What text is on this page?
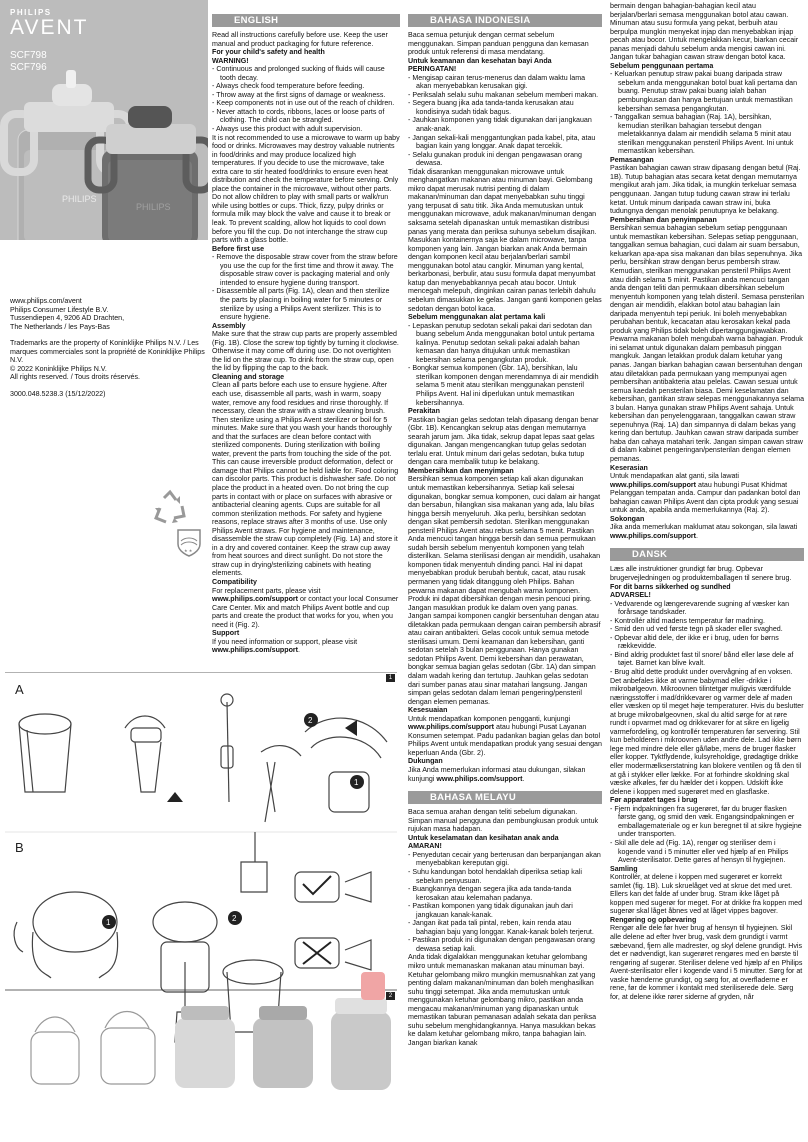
PHILIPS
PHILIPS
PHILIPS
AVENT
SCF798
SCF796
www.philips.com/avent
Philips Consumer Lifestyle B.V.
Tussendiepen 4, 9206 AD Drachten,
The Netherlands / les Pays-Bas
Trademarks are the property of Koninklijke Philips N.V. / Les marques commerciales sont la propriété de Koninklijke Philips N.V.
© 2022 Koninklijke Philips N.V.
All rights reserved. / Tous droits réservés.
3000.048.5238.3 (15/12/2022)
★ ★
2
1
1	2
A
B
1
2
ENGLISH

Read all instructions carefully before use. Keep the user manual and product packaging for future reference.

For your child's safety and health

WARNING!

- Continuous and prolonged sucking of fluids will cause tooth decay.
- Always check food temperature before feeding.
- Throw away at the first signs of damage or weakness.
- Keep components not in use out of the reach of children.
- Never attach to cords, ribbons, laces or loose parts of clothing. The child can be strangled.
- Always use this product with adult supervision.

It is not recommended to use a microwave to warm up baby food or drinks. Microwaves may destroy valuable nutrients in food/drinks and may produce localized high temperatures. If you decide to use the microwave, take extra care to stir heated food/drinks to ensure even heat distribution and check the temperature before serving. Only place the container in the microwave, without other parts. Do not allow children to play with small parts or walk/run while using bottles or cups. Thick, fizzy, pulpy drinks or formula milk may block the valve and cause it to break or leak. To prevent scalding, allow hot liquids to cool down before you fill the cup. Do not interchange the straw cup parts with a glass bottle.

Before first use

- Remove the disposable straw cover from the straw before you use the cup for the first time and throw it away. The disposable straw cover is packaging material and only intended to ensure hygiene during transport.
- Disassemble all parts (Fig. 1A), clean and then sterilize the parts by placing in boiling water for 5 minutes or sterilize by using a Philips Avent sterilizer. This is to ensure hygiene.

Assembly

Make sure that the straw cup parts are properly assembled (Fig. 1B). Close the screw top tightly by turning it clockwise. Otherwise it may come off during use. Do not overtighten the lid on the straw cup. To drink from the straw cup, open the lid by flipping the cap to the back.

Cleaning and storage

Clean all parts before each use to ensure hygiene. After each use, disassemble all parts, wash in warm, soapy water, remove any food residues and rinse thoroughly. If necessary, clean the straw with a straw cleaning brush. Then sterilize using a Philips Avent sterilizer or boil for 5 minutes. Make sure that you wash your hands thoroughly and that the surfaces are clean before contact with sterilized components. During sterilization with boiling water, prevent the parts from touching the side of the pot. This can cause irreversible product deformation, defect or damage that Philips cannot be held liable for. Food coloring can discolor parts. This product is dishwasher safe. Do not place the product in a heated oven. Do not bring the cup parts in contact with or place on surfaces with abrasive or antibacterial cleaning agents. Cups are suitable for all common sterilization methods. For safety and hygiene reasons, replace straws after 3 months of use. Use only Philips Avent straws. For hygiene and maintenance, disassemble the straw cup completely (Fig. 1A) and store it in a dry and covered container. Keep the straw cup away from heat sources and direct sunlight. Do not store the straw cup in drying/sterilizing cabinets with heating elements.

Compatibility

For replacement parts, please visit www.philips.com/support or contact your local Consumer Care Center. Mix and match Philips Avent bottle and cup parts and create the product that works for you, when you need it (Fig. 2).

Support

If you need information or support, please visit www.philips.com/support.

BAHASA INDONESIA

Baca semua petunjuk dengan cermat sebelum menggunakan. Simpan panduan pengguna dan kemasan produk untuk referensi di masa mendatang.

Untuk keamanan dan kesehatan bayi Anda

PERINGATAN!

- Mengisap cairan terus-menerus dan dalam waktu lama akan menyebabkan kerusakan gigi.
- Periksalah selalu suhu makanan sebelum memberi makan.
- Segera buang jika ada tanda-tanda kerusakan atau kondisinya sudah tidak bagus.
- Jauhkan komponen yang tidak digunakan dari jangkauan anak-anak.
- Jangan sekali-kali menggantungkan pada kabel, pita, atau bagian kain yang longgar. Anak dapat tercekik.
- Selalu gunakan produk ini dengan pengawasan orang dewasa.

Tidak disarankan menggunakan microwave untuk menghangatkan makanan atau minuman bayi. Gelombang mikro dapat merusak nutrisi penting di dalam makanan/minuman dan dapat menyebabkan suhu tinggi yang terpusat di satu titik. Jika Anda memutuskan untuk menggunakan microwave, aduk makanan/minuman dengan saksama setelah dipanaskan untuk memastikan distribusi panas yang merata dan periksa suhunya sebelum disajikan. Masukkan kontainernya saja ke dalam microwave, tanpa komponen yang lain. Jangan biarkan anak Anda bermain dengan komponen kecil atau berjalan/berlari sambil menggunakan botol atau cangkir. Minuman yang kental, berkarbonasi, berbulir, atau susu formula dapat menyumbat katup dan menyebabkannya pecah atau bocor. Untuk mencegah melepuh, dinginkan cairan panas terlebih dahulu sebelum dimasukkan ke gelas. Jangan ganti komponen gelas sedotan dengan botol kaca.

Sebelum menggunakan alat pertama kali

- Lepaskan penutup sedotan sekali pakai dari sedotan dan buang sebelum Anda menggunakan botol untuk pertama kalinya. Penutup sedotan sekali pakai adalah bahan kemasan dan hanya ditujukan untuk memastikan kebersihan selama pengangkutan produk.
- Bongkar semua komponen (Gbr. 1A), bersihkan, lalu sterilkan komponen dengan merendamnya di air mendidih selama 5 menit atau sterilkan menggunakan pensteril Philips Avent. Hal ini diperlukan untuk memastikan kebersihannya.

Perakitan

Pastikan bagian gelas sedotan telah dipasang dengan benar (Gbr. 1B). Kencangkan sekrup atas dengan memutarnya searah jarum jam. Jika tidak, sekrup dapat lepas saat gelas digunakan. Jangan mengencangkan tutup gelas sedotan terlalu erat. Untuk minum dari gelas sedotan, buka tutup dengan cara membalik tutup ke belakang.

Membersihkan dan menyimpan

Bersihkan semua komponen setiap kali akan digunakan untuk memastikan kebersihannya. Setiap kali selesai digunakan, bongkar semua komponen, cuci dalam air hangat dan bersabun, hilangkan sisa makanan yang ada, lalu bilas hingga bersih menyeluruh. Jika perlu, bersihkan sedotan dengan sikat pembersih sedotan. Sterilkan menggunakan pensteril Philips Avent atau rebus selama 5 menit. Pastikan Anda mencuci tangan hingga bersih dan semua permukaan sudah bersih sebelum menyentuh komponen yang telah disterilkan. Selama sterilisasi dengan air mendidih, usahakan komponen tidak menyentuh dinding panci. Hal ini dapat menyebabkan produk berubah bentuk, cacat, atau rusak permanen yang tidak ditanggung oleh Philips. Bahan pewarna makanan dapat mengubah warna komponen. Produk ini dapat dibersihkan dengan mesin pencuci piring. Jangan masukkan produk ke dalam oven yang panas. Jangan sampai komponen cangkir bersentuhan dengan atau diletakkan pada permukaan dengan cairan pembersih abrasif atau cairan antibakteri. Gelas cocok untuk semua metode sterilisasi umum. Demi keamanan dan kebersihan, ganti sedotan setelah 3 bulan penggunaan. Hanya gunakan sedotan Philips Avent. Demi kebersihan dan perawatan, bongkar semua bagian gelas sedotan (Gbr. 1A) dan simpan dalam wadah kering dan tertutup. Jauhkan gelas sedotan dari sumber panas atau sinar matahari langsung. Jangan simpan gelas sedotan dalam lemari pengering/pensteril dengan elemen pemanas.

Kesesuaian

Untuk mendapatkan komponen pengganti, kunjungi www.philips.com/support atau hubungi Pusat Layanan Konsumen setempat. Padu padankan bagian gelas dan botol Philips Avent untuk mendapatkan produk yang sesuai dengan keperluan Anda (Gbr. 2).

Dukungan

Jika Anda memerlukan informasi atau dukungan, silakan kunjungi www.philips.com/support.

BAHASA MELAYU

Baca semua arahan dengan teliti sebelum digunakan. Simpan manual pengguna dan pembungkusan produk untuk rujukan masa hadapan.

Untuk keselamatan dan kesihatan anak anda

AMARAN!

- Penyedutan cecair yang berterusan dan berpanjangan akan menyebabkan kereputan gigi.
- Suhu kandungan botol hendaklah diperiksa setiap kali sebelum penyusuan.
- Buangkannya dengan segera jika ada tanda-tanda kerosakan atau kelemahan padanya.
- Pastikan komponen yang tidak digunakan jauh dari jangkauan kanak-kanak.
- Jangan ikat pada tali pintal, reben, kain renda atau bahagian baju yang longgar. Kanak-kanak boleh terjerut.
- Pastikan produk ini digunakan dengan pengawasan orang dewasa setiap kali.

Anda tidak digalakkan menggunakan ketuhar gelombang mikro untuk memanaskan makanan atau minuman bayi. Ketuhar gelombang mikro mungkin memusnahkan zat yang penting dalam makanan/minuman dan boleh menghasilkan suhu tinggi setempat. Jika anda memutuskan untuk menggunakan ketuhar gelombang mikro, pastikan anda mengacau makanan/minuman yang dipanaskan untuk memastikan taburan pemanasan adalah sekata dan periksa suhu sebelum menghidangkannya. Hanya masukkan bekas ke dalam ketuhar gelombang mikro, tanpa bahagian lain. Jangan biarkan kanak

bermain dengan bahagian-bahagian kecil atau berjalan/berlari semasa menggunakan botol atau cawan. Minuman atau susu formula yang pekat, berbuih atau berpulpa mungkin menyekat injap dan menyebabkan injap pecah atau bocor. Untuk mengelakkan kecur, biarkan cecair panas menjadi dahulu sebelum anda mengisi cawan ini. Jangan tukar bahagian cawan straw dengan botol kaca.

Sebelum penggunaan pertama

- Keluarkan penutup straw pakai buang daripada straw sebelum anda menggunakan botol buat kali pertama dan buang. Penutup straw pakai buang ialah bahan pembungkusan dan hanya bertujuan untuk memastikan kebersihan semasa pengangkutan.
- Tanggalkan semua bahagian (Raj. 1A), bersihkan, kemudian sterilkan bahagian tersebut dengan meletakkannya dalam air mendidih selama 5 minit atau sterilkan menggunakan pensteril Philips Avent. Ini untuk memastikan kebersihan.

Pemasangan

Pastikan bahagian cawan straw dipasang dengan betul (Raj. 1B). Tutup bahagian atas secara ketat dengan memutarnya mengikut arah jam. Jika tidak, ia mungkin terkeluar semasa penggunaan. Jangan tutup tudung cawan straw ini terlalu ketat. Untuk minum daripada cawan straw ini, buka tudungnya dengan menolak penutupnya ke belakang.

Pembersihan dan penyimpanan

Bersihkan semua bahagian sebelum setiap penggunaan untuk memastikan kebersihan. Selepas setiap penggunaan, tanggalkan semua bahagian, cuci dalam air suam bersabun, keluarkan apa-apa sisa makanan dan bilas sepenuhnya. Jika perlu, bersihkan straw dengan berus pembersih straw. Kemudian, sterilkan menggunakan pensteril Philips Avent atau didih selama 5 minit. Pastikan anda mencuci tangan anda dengan teliti dan permukaan dibersihkan sebelum menyentuh komponen yang telah disteril. Semasa pensterilan dengan air mendidih, elakkan botol atau bahagian lain daripada menyentuh tepi periuk. Ini boleh menyebabkan perubahan bentuk, kecacatan atau kerosakan kekal pada produk yang Philips tidak boleh dipertanggungjawabkan. Pewarna makanan boleh mengubah warna bahagian. Produk ini selamat untuk digunakan dalam pembasuh pinggan mangkuk. Jangan letakkan produk dalam ketuhar yang panas. Jangan biarkan bahagian cawan bersentuhan dengan atau diletakkan pada permukaan yang mempunyai agen pembersihan antibakteria atau pelelas. Cawan sesuai untuk semua kaedah pensterilan biasa. Demi keselamatan dan kebersihan, gantikan straw selepas menggunakannya selama 3 bulan. Hanya gunakan straw Philips Avent sahaja. Untuk kebersihan dan penyelenggaraan, tanggalkan cawan straw sepenuhnya (Raj. 1A) dan simpannya di dalam bekas yang kering dan bertutup. Jauhkan cawan straw daripada sumber haba dan cahaya matahari terik. Jangan simpan cawan straw di dalam kabinet pengeringan/pensterilan dengan elemen pemanas.

Keserasian

Untuk mendapatkan alat ganti, sila lawati www.philips.com/support atau hubungi Pusat Khidmat Pelanggan tempatan anda. Campur dan padankan botol dan bahagian cawan Philips Avent dan cipta produk yang sesuai untuk anda, apabila anda memerlukannya (Raj. 2).

Sokongan

Jika anda memerlukan maklumat atau sokongan, sila lawati www.philips.com/support.

DANSK

Læs alle instruktioner grundigt før brug. Opbevar brugervejledningen og produktemballagen til senere brug.

For dit barns sikkerhed og sundhed

ADVARSEL!

- Vedvarende og længerevarende sugning af væsker kan forårsage tandskader.
- Kontrollér altid madens temperatur før madning.
- Smid den ud ved første tegn på skader eller svaghed.
- Opbevar altid dele, der ikke er i brug, uden for børns rækkevidde.
- Bind aldrig produktet fast til snore/ bånd eller løse dele af tøjet. Barnet kan blive kvalt.
- Brug altid dette produkt under overvågning af en voksen.

Det anbefales ikke at varme babymad eller -drikke i mikrobølgeovn. Mikroovnen tilintetgør muligvis værdifulde næringsstoffer i mad/drikkevarer og varmer dele af maden eller væsken op til meget høje temperaturer. Hvis du beslutter at bruge mikrobølgeovnen, skal du altid sørge for at røre rundt i opvarmet mad og drikkevarer for at sikre en ligelig varmefordeling, og kontrollér temperaturen før servering. Stil kun beholderen i mikroovnen uden andre dele. Lad ikke børn lege med mindre dele eller gå/løbe, mens de bruger flasker eller kopper. Tyktflydende, kulsyreholdige, grødagtige drikke eller modermælkserstatning kan blokere ventilen og få den til at gå i stykker eller lække. For at forhindre skoldning skal væske afkøles, før du hælder det i koppen. Udskift ikke delene i koppen med sugerøret med en glasflaske.

Før apparatet tages i brug

- Fjern indpakningen fra sugerøret, før du bruger flasken første gang, og smid den væk. Engangsindpakningen er emballagematerialе og er kun beregnet til at sikre hygiejne under transporten.
- Skil alle dele ad (Fig. 1A), rengør og steriliser dem i kogende vand i 5 minutter eller ved hjælp af en Philips Avent-sterilisator. Dette gøres af hensyn til hygiejnen.

Samling

Kontrollér, at delene i koppen med sugerøret er korrekt samlet (fig. 1B). Luk skruelåget ved at skrue det med uret. Ellers kan det falde af under brug. Stram ikke låget på koppen med sugerør for meget. For at drikke fra koppen med sugerør skal låget åbnes ved at låget vippes bagover.

Rengøring og opbevaring

Rengør alle dele før hver brug af hensyn til hygiejnen. Skil alle delene ad efter hver brug, vask dem grundigt i varmt sæbevand, fjern alle madrester, og skyl delene grundigt. Hvis det er nødvendigt, kan sugerøret rengøres med en børste til rengøring af sugerør. Steriliser delene ved hjælp af en Philips Avent-sterilisator eller i kogende vand i 5 minutter. Sørg for at vaske hænderne grundigt, og sørg for, at overfladerne er rene, før de kommer i kontakt med steriliserede dele. Sørg for, at delene ikke rører siderne af gryden, når
